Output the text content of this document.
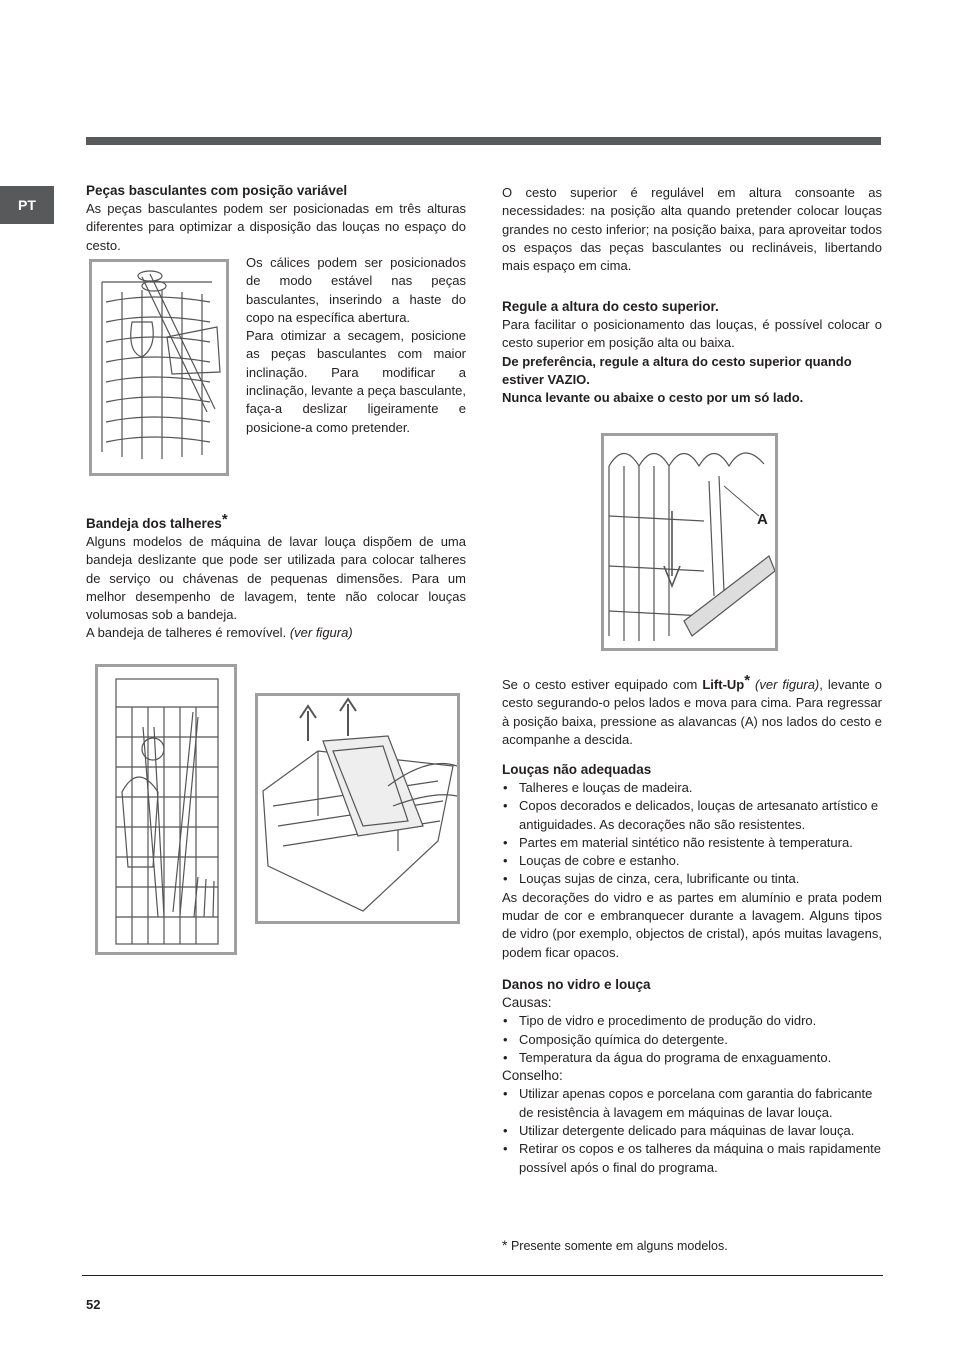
PT

Peças basculantes com posição variável

As peças basculantes podem ser posicionadas em três alturas diferentes para optimizar a disposição das louças no espaço do cesto.

Os cálices podem ser posicionados de modo estável nas peças basculantes, inserindo a haste do copo na específica abertura.

Para otimizar a secagem, posicione as peças basculantes com maior inclinação. Para modificar a inclinação, levante a peça basculante, faça-a deslizar ligeiramente e posicione-a como pretender.

Bandeja dos talheres*

Alguns modelos de máquina de lavar louça dispõem de uma bandeja deslizante que pode ser utilizada para colocar talheres de serviço ou chávenas de pequenas dimensões. Para um melhor desempenho de lavagem, tente não colocar louças volumosas sob a bandeja.

A bandeja de talheres é removível. (ver figura)

O cesto superior é regulável em altura consoante as necessidades: na posição alta quando pretender colocar louças grandes no cesto inferior; na posição baixa, para aproveitar todos os espaços das peças basculantes ou reclináveis, libertando mais espaço em cima.

Regule a altura do cesto superior.

Para facilitar o posicionamento das louças, é possível colocar o cesto superior em posição alta ou baixa.

De preferência, regule a altura do cesto superior quando estiver VAZIO.

Nunca levante ou abaixe o cesto por um só lado.

A

Se o cesto estiver equipado com Lift-Up* (ver figura), levante o cesto segurando-o pelos lados e mova para cima. Para regressar à posição baixa, pressione as alavancas (A) nos lados do cesto e acompanhe a descida.

Louças não adequadas

• Talheres e louças de madeira.
• Copos decorados e delicados, louças de artesanato artístico e antiguidades. As decorações não são resistentes.
• Partes em material sintético não resistente à temperatura.
• Louças de cobre e estanho.
• Louças sujas de cinza, cera, lubrificante ou tinta.

As decorações do vidro e as partes em alumínio e prata podem mudar de cor e embranquecer durante a lavagem. Alguns tipos de vidro (por exemplo, objectos de cristal), após muitas lavagens, podem ficar opacos.

Danos no vidro e louça

Causas:

• Tipo de vidro e procedimento de produção do vidro.
• Composição química do detergente.
• Temperatura da água do programa de enxaguamento.

Conselho:

• Utilizar apenas copos e porcelana com garantia do fabricante de resistência à lavagem em máquinas de lavar louça.
• Utilizar detergente delicado para máquinas de lavar louça.
• Retirar os copos e os talheres da máquina o mais rapidamente possível após o final do programa.
* Presente somente em alguns modelos.
52
